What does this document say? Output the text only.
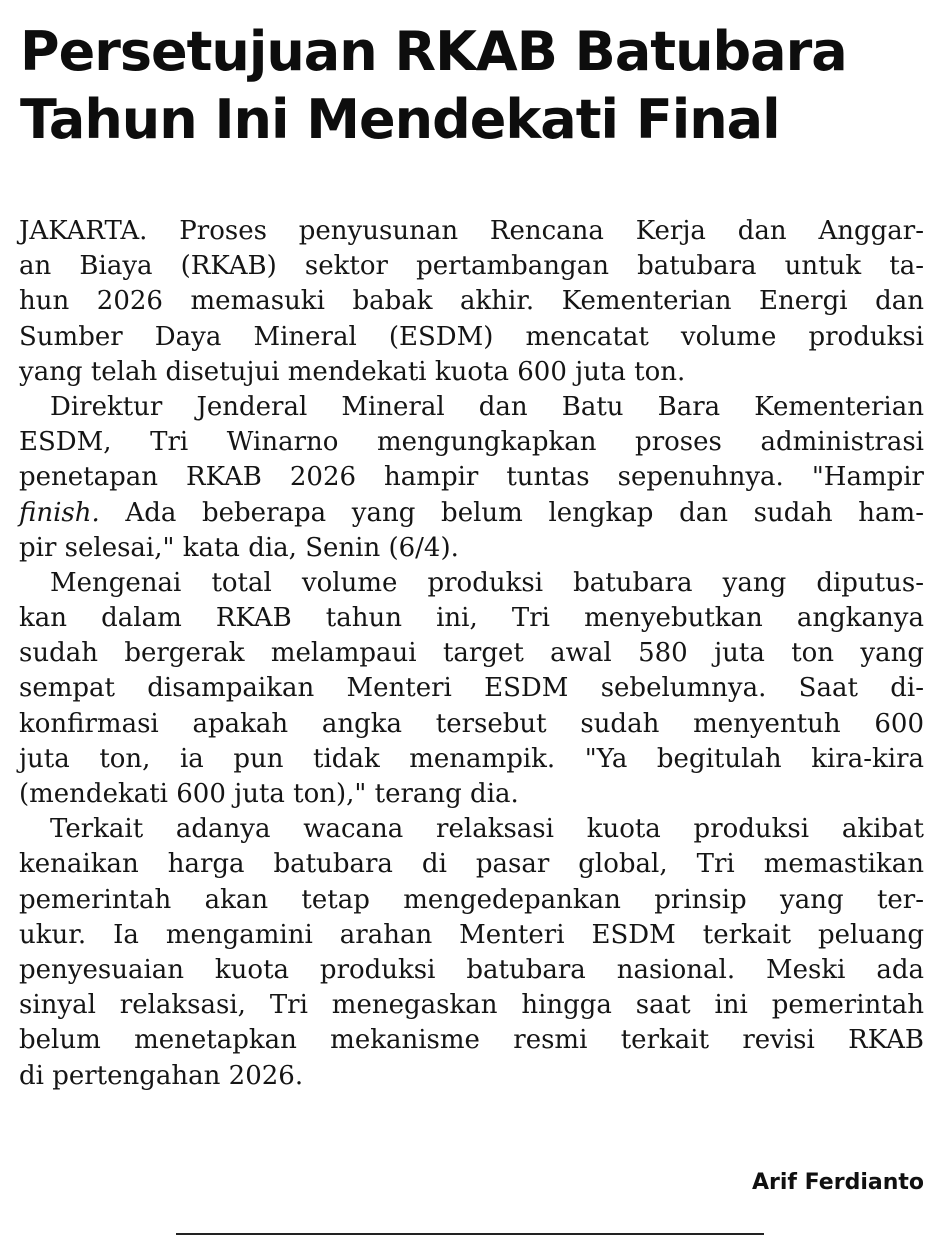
Persetujuan RKAB Batubara
Tahun Ini Mendekati Final

JAKARTA. Proses penyusunan Rencana Kerja dan Anggar-
an Biaya (RKAB) sektor pertambangan batubara untuk ta-
hun 2026 memasuki babak akhir. Kementerian Energi dan
Sumber Daya Mineral (ESDM) mencatat volume produksi
yang telah disetujui mendekati kuota 600 juta ton.

Direktur Jenderal Mineral dan Batu Bara Kementerian
ESDM, Tri Winarno mengungkapkan proses administrasi
penetapan RKAB 2026 hampir tuntas sepenuhnya. "Hampir
finish. Ada beberapa yang belum lengkap dan sudah ham-
pir selesai," kata dia, Senin (6/4).

Mengenai total volume produksi batubara yang diputus-
kan dalam RKAB tahun ini, Tri menyebutkan angkanya
sudah bergerak melampaui target awal 580 juta ton yang
sempat disampaikan Menteri ESDM sebelumnya. Saat di-
konfirmasi apakah angka tersebut sudah menyentuh 600
juta ton, ia pun tidak menampik. "Ya begitulah kira-kira
(mendekati 600 juta ton)," terang dia.

Terkait adanya wacana relaksasi kuota produksi akibat
kenaikan harga batubara di pasar global, Tri memastikan
pemerintah akan tetap mengedepankan prinsip yang ter-
ukur. Ia mengamini arahan Menteri ESDM terkait peluang
penyesuaian kuota produksi batubara nasional. Meski ada
sinyal relaksasi, Tri menegaskan hingga saat ini pemerintah
belum menetapkan mekanisme resmi terkait revisi RKAB
di pertengahan 2026.

Arif Ferdianto
